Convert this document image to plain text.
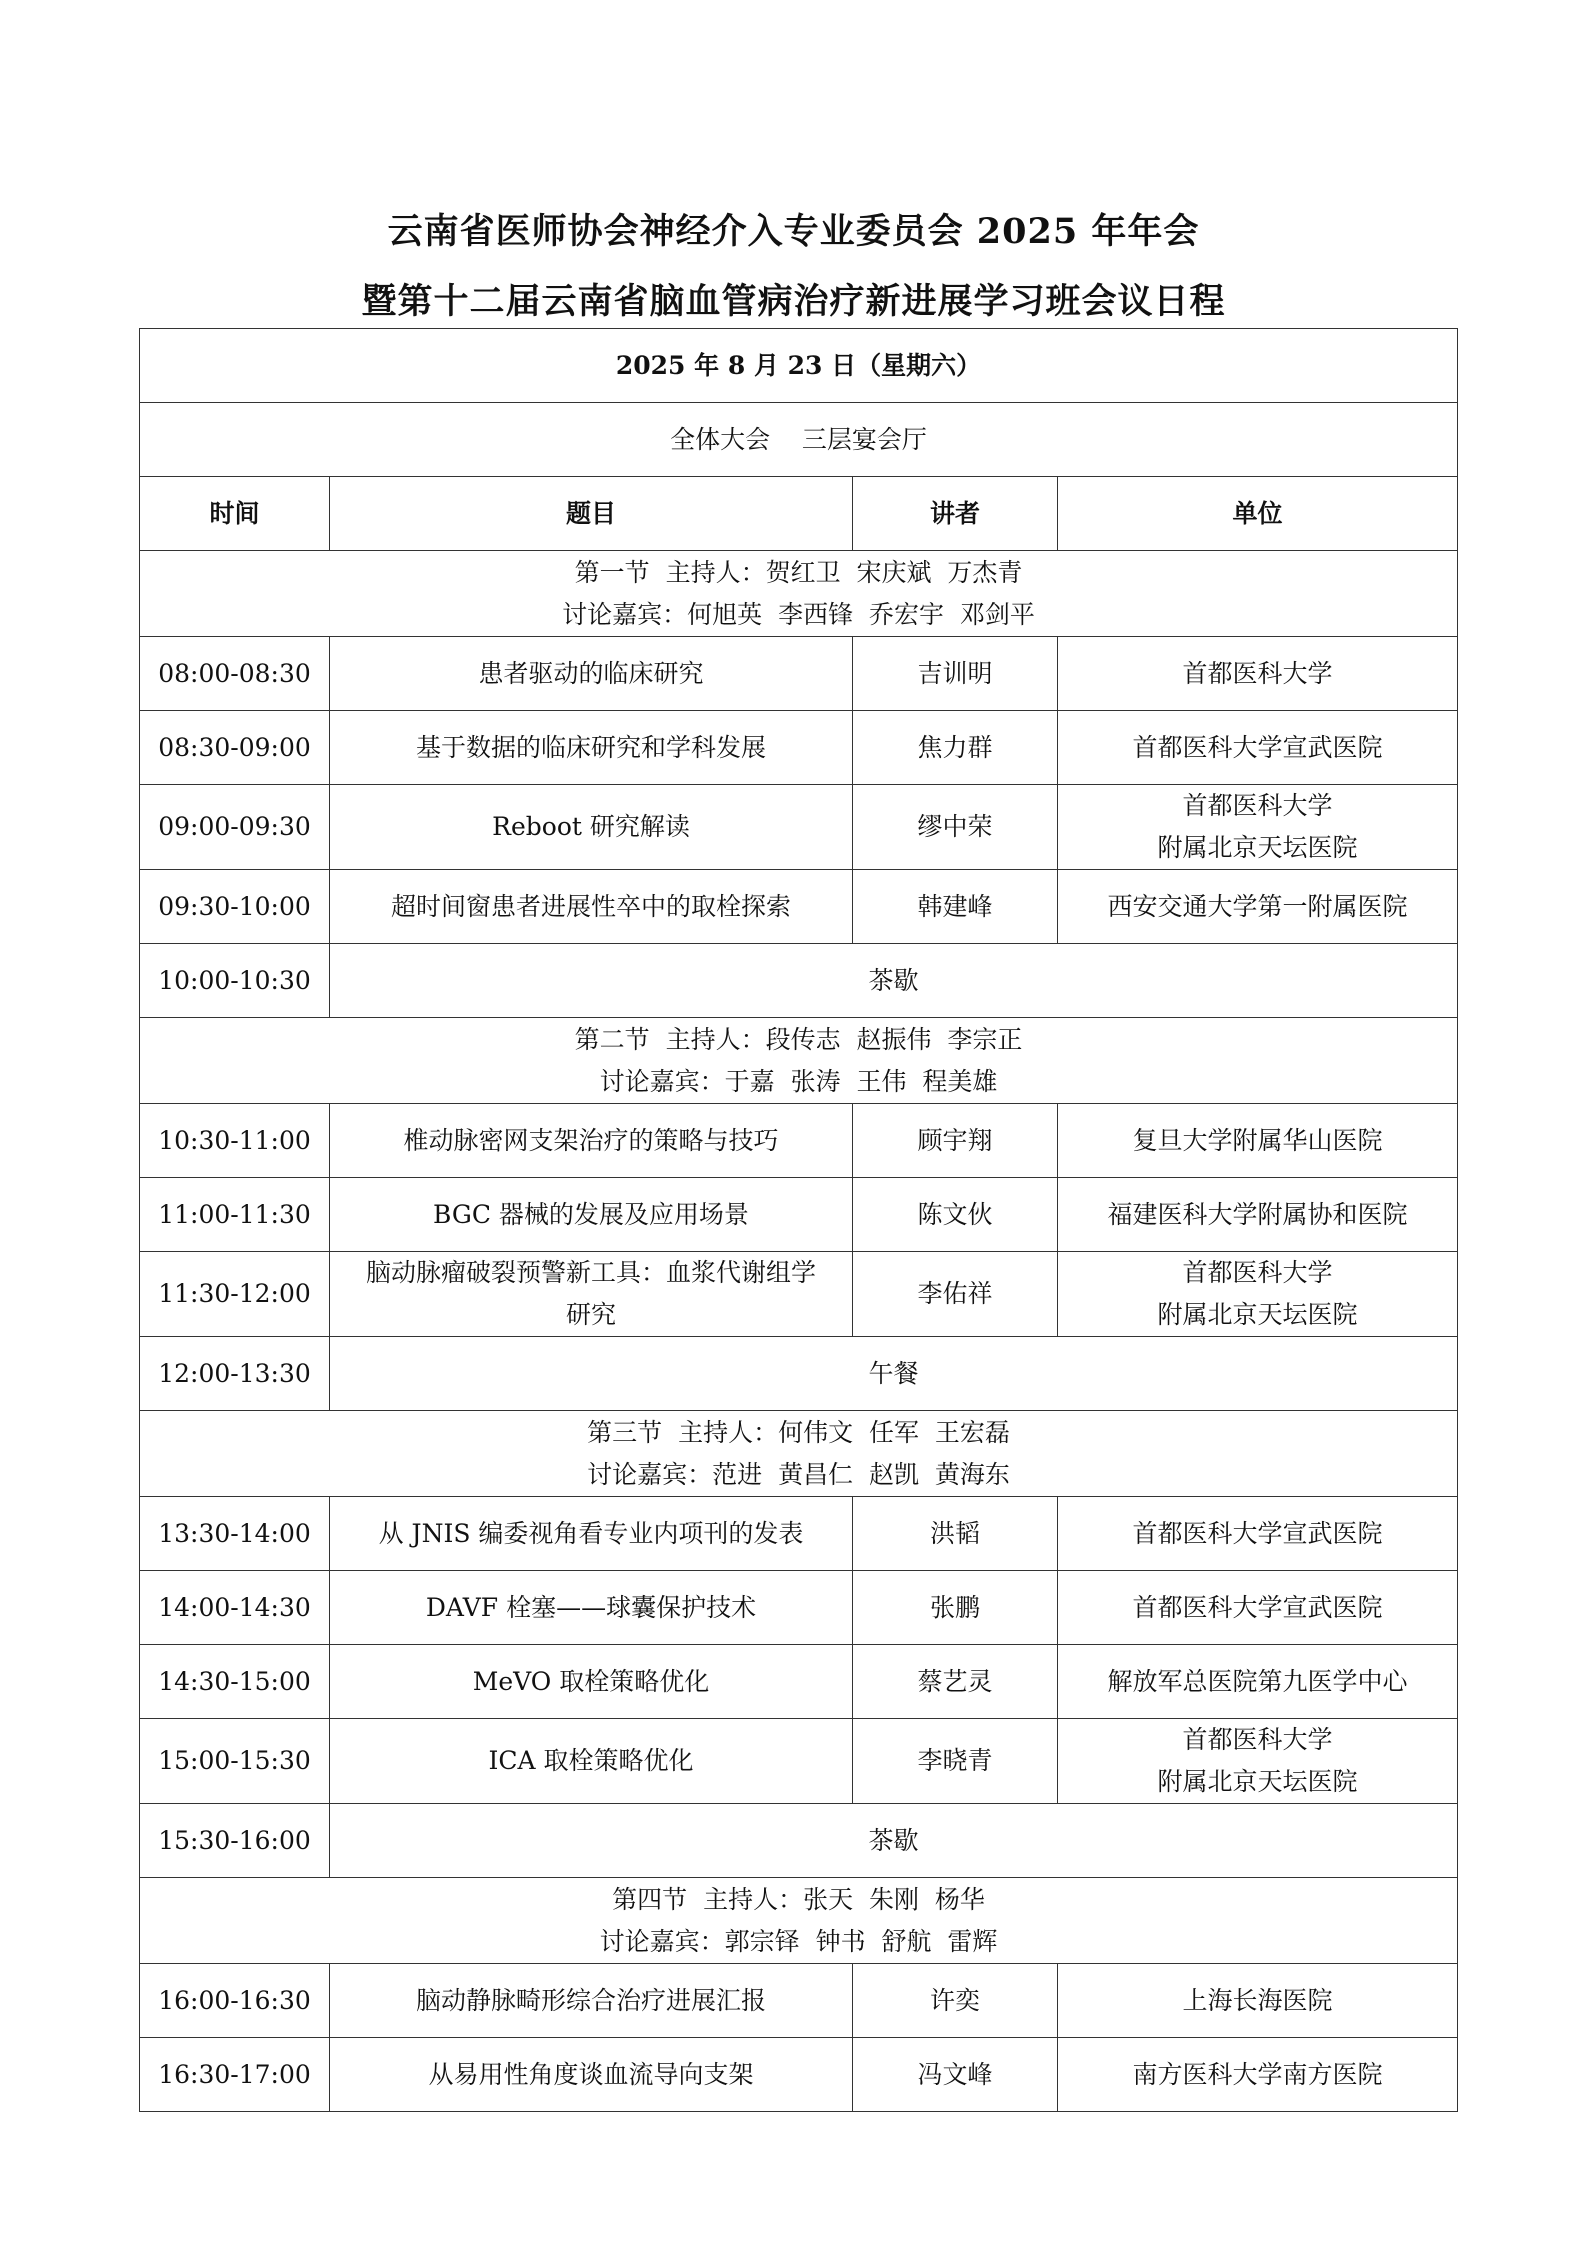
云南省医师协会神经介入专业委员会 2025 年年会
暨第十二届云南省脑血管病治疗新进展学习班会议日程
2025 年 8 月 23 日（星期六）			
全体大会    三层宴会厅			
时间	题目	讲者	单位

第一节  主持人：贺红卫  宋庆斌  万杰青
讨论嘉宾：何旭英  李西锋  乔宏宇  邓剑平			

08:00-08:30	患者驱动的临床研究	吉训明	首都医科大学
08:30-09:00	基于数据的临床研究和学科发展	焦力群	首都医科大学宣武医院
09:00-09:30	Reboot 研究解读	缪中荣	首都医科大学
附属北京天坛医院

09:30-10:00	超时间窗患者进展性卒中的取栓探索	韩建峰	西安交通大学第一附属医院
10:00-10:30	茶歇		

第二节  主持人：段传志  赵振伟  李宗正
讨论嘉宾：于嘉  张涛  王伟  程美雄			

10:30-11:00	椎动脉密网支架治疗的策略与技巧	顾宇翔	复旦大学附属华山医院
11:00-11:30	BGC 器械的发展及应用场景	陈文伙	福建医科大学附属协和医院
11:30-12:00	脑动脉瘤破裂预警新工具：血浆代谢组学
研究	李佑祥	首都医科大学
附属北京天坛医院

12:00-13:30	午餐		

第三节  主持人：何伟文  任军  王宏磊
讨论嘉宾：范进  黄昌仁  赵凯  黄海东			

13:30-14:00	从 JNIS 编委视角看专业内项刊的发表	洪韬	首都医科大学宣武医院
14:00-14:30	DAVF 栓塞——球囊保护技术	张鹏	首都医科大学宣武医院
14:30-15:00	MeVO 取栓策略优化	蔡艺灵	解放军总医院第九医学中心
15:00-15:30	ICA 取栓策略优化	李晓青	首都医科大学
附属北京天坛医院

15:30-16:00	茶歇		

第四节  主持人：张天  朱刚  杨华
讨论嘉宾：郭宗铎  钟书  舒航  雷辉			

16:00-16:30	脑动静脉畸形综合治疗进展汇报	许奕	上海长海医院
16:30-17:00	从易用性角度谈血流导向支架	冯文峰	南方医科大学南方医院
